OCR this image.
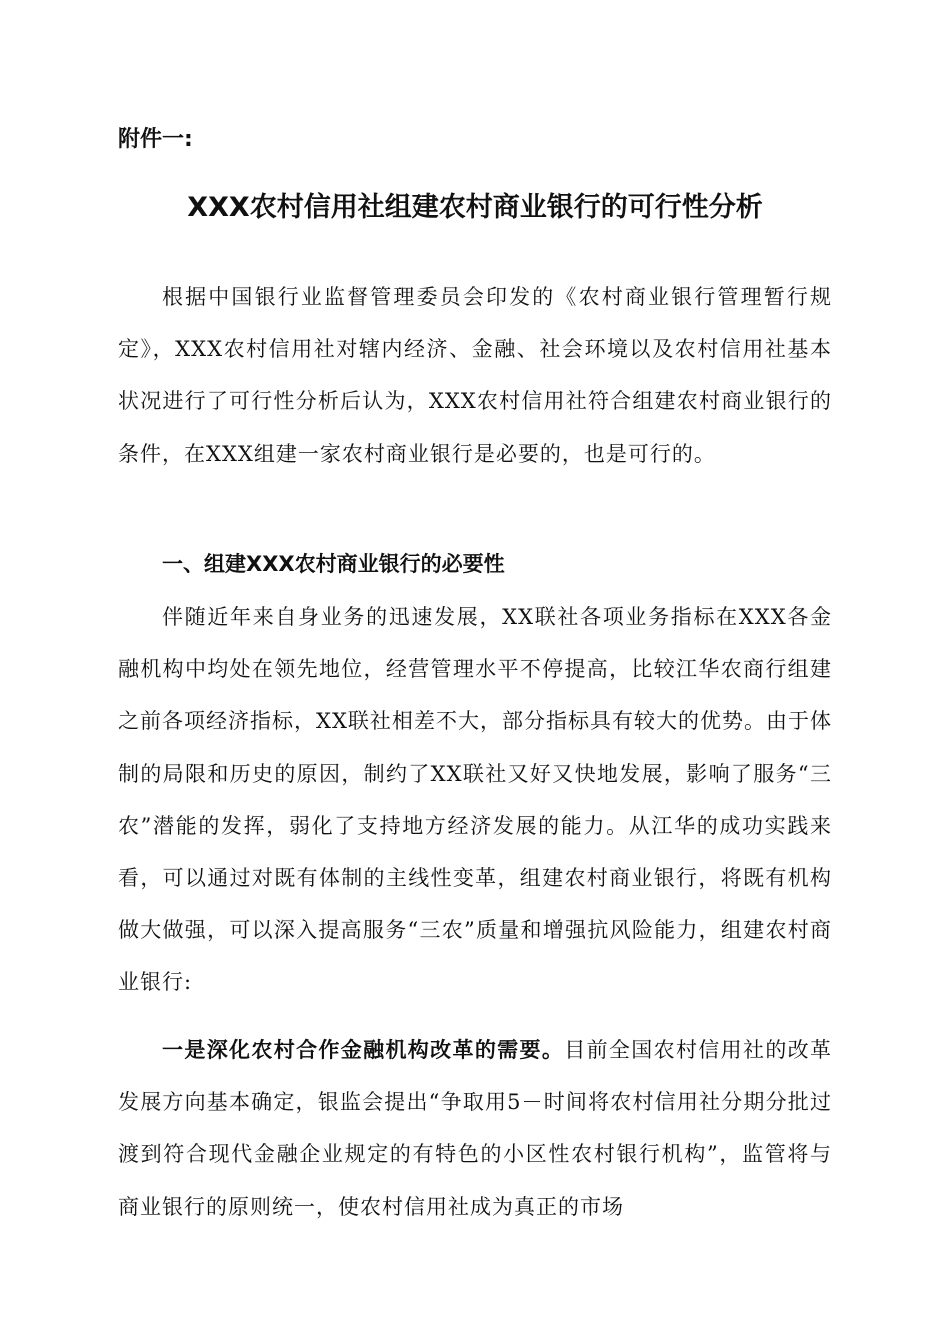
附件一:

XXX农村信用社组建农村商业银行的可行性分析

根据中国银行业监督管理委员会印发的《农村商业银行管理暂行规定》，XXX农村信用社对辖内经济、金融、社会环境以及农村信用社基本状况进行了可行性分析后认为，XXX农村信用社符合组建农村商业银行的条件，在XXX组建一家农村商业银行是必要的，也是可行的。

一、组建XXX农村商业银行的必要性

伴随近年来自身业务的迅速发展，XX联社各项业务指标在XXX各金融机构中均处在领先地位，经营管理水平不停提高，比较江华农商行组建之前各项经济指标，XX联社相差不大，部分指标具有较大的优势。由于体制的局限和历史的原因，制约了XX联社又好又快地发展，影响了服务“三农”潜能的发挥，弱化了支持地方经济发展的能力。从江华的成功实践来看，可以通过对既有体制的主线性变革，组建农村商业银行，将既有机构做大做强，可以深入提高服务“三农”质量和增强抗风险能力，组建农村商业银行:

一是深化农村合作金融机构改革的需要。目前全国农村信用社的改革发展方向基本确定，银监会提出“争取用5－时间将农村信用社分期分批过渡到符合现代金融企业规定的有特色的小区性农村银行机构”，监管将与商业银行的原则统一，使农村信用社成为真正的市场
